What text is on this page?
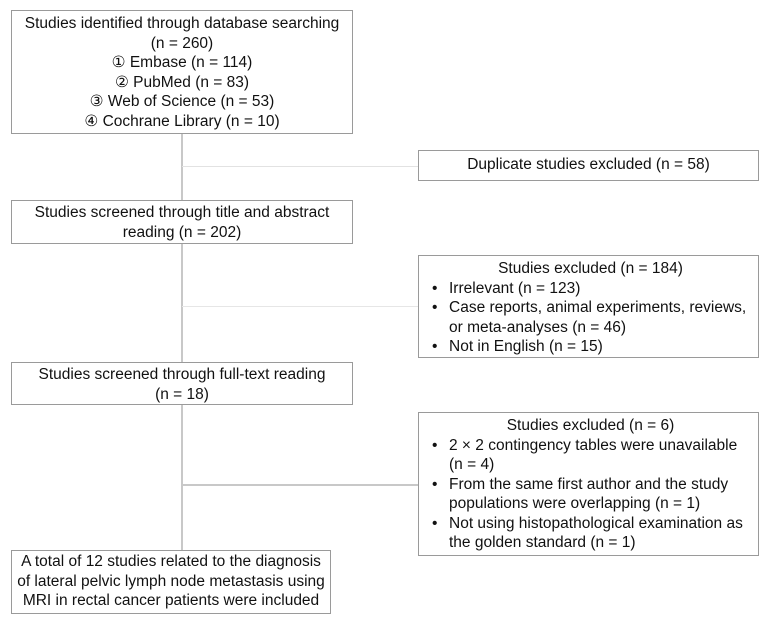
Studies identified through database searching
(n = 260)
① Embase (n = 114)
② PubMed (n = 83)
③ Web of Science (n = 53)
④ Cochrane Library (n = 10)
Duplicate studies excluded (n = 58)
Studies screened through title and abstract
reading (n = 202)
Studies excluded (n = 184)
• Irrelevant (n = 123)
• Case reports, animal experiments, reviews, or meta-analyses (n = 46)
• Not in English (n = 15)
Studies screened through full-text reading
(n = 18)
Studies excluded (n = 6)
• 2 × 2 contingency tables were unavailable (n = 4)
• From the same first author and the study populations were overlapping (n = 1)
• Not using histopathological examination as the golden standard (n = 1)
A total of 12 studies related to the diagnosis
of lateral pelvic lymph node metastasis using
MRI in rectal cancer patients were included
